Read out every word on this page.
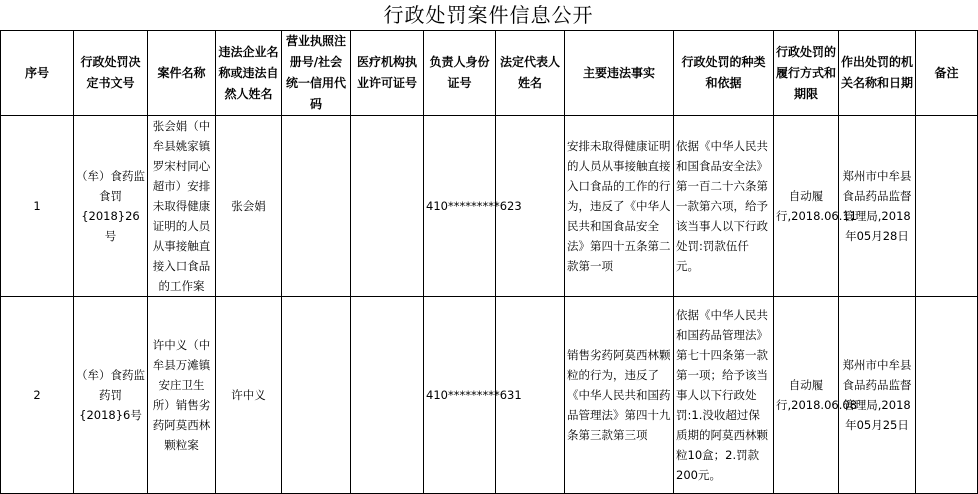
行政处罚案件信息公开
序号	行政处罚决定书文号	案件名称	违法企业名称或违法自然人姓名	营业执照注册号/社会统一信用代码	医疗机构执业许可证号	负责人身份证号	法定代表人姓名	主要违法事实	行政处罚的种类和依据	行政处罚的履行方式和期限	作出处罚的机关名称和日期	备注
1	（牟）食药监食罚{2018}26号	张会娟（中牟县姚家镇罗宋村同心超市）安排未取得健康证明的人员从事接触直接入口食品的工作案	张会娟			410*********623		安排未取得健康证明的人员从事接触直接入口食品的工作的行为，违反了《中华人民共和国食品安全法》第四十五条第二款第一项	依据《中华人民共和国食品安全法》第一百二十六条第一款第六项，给予该当事人以下行政处罚:罚款伍仟元。	自动履行,2018.06.11	郑州市中牟县食品药品监督管理局,2018年05月28日	
2	（牟）食药监药罚{2018}6号	许中义（中牟县万滩镇安庄卫生所）销售劣药阿莫西林颗粒案	许中义			410*********631		销售劣药阿莫西林颗粒的行为，违反了《中华人民共和国药品管理法》第四十九条第三款第三项	依据《中华人民共和国药品管理法》第七十四条第一款第一项；给予该当事人以下行政处罚:1.没收超过保质期的阿莫西林颗粒10盒；2.罚款200元。	自动履行,2018.06.08	郑州市中牟县食品药品监督管理局,2018年05月25日	
